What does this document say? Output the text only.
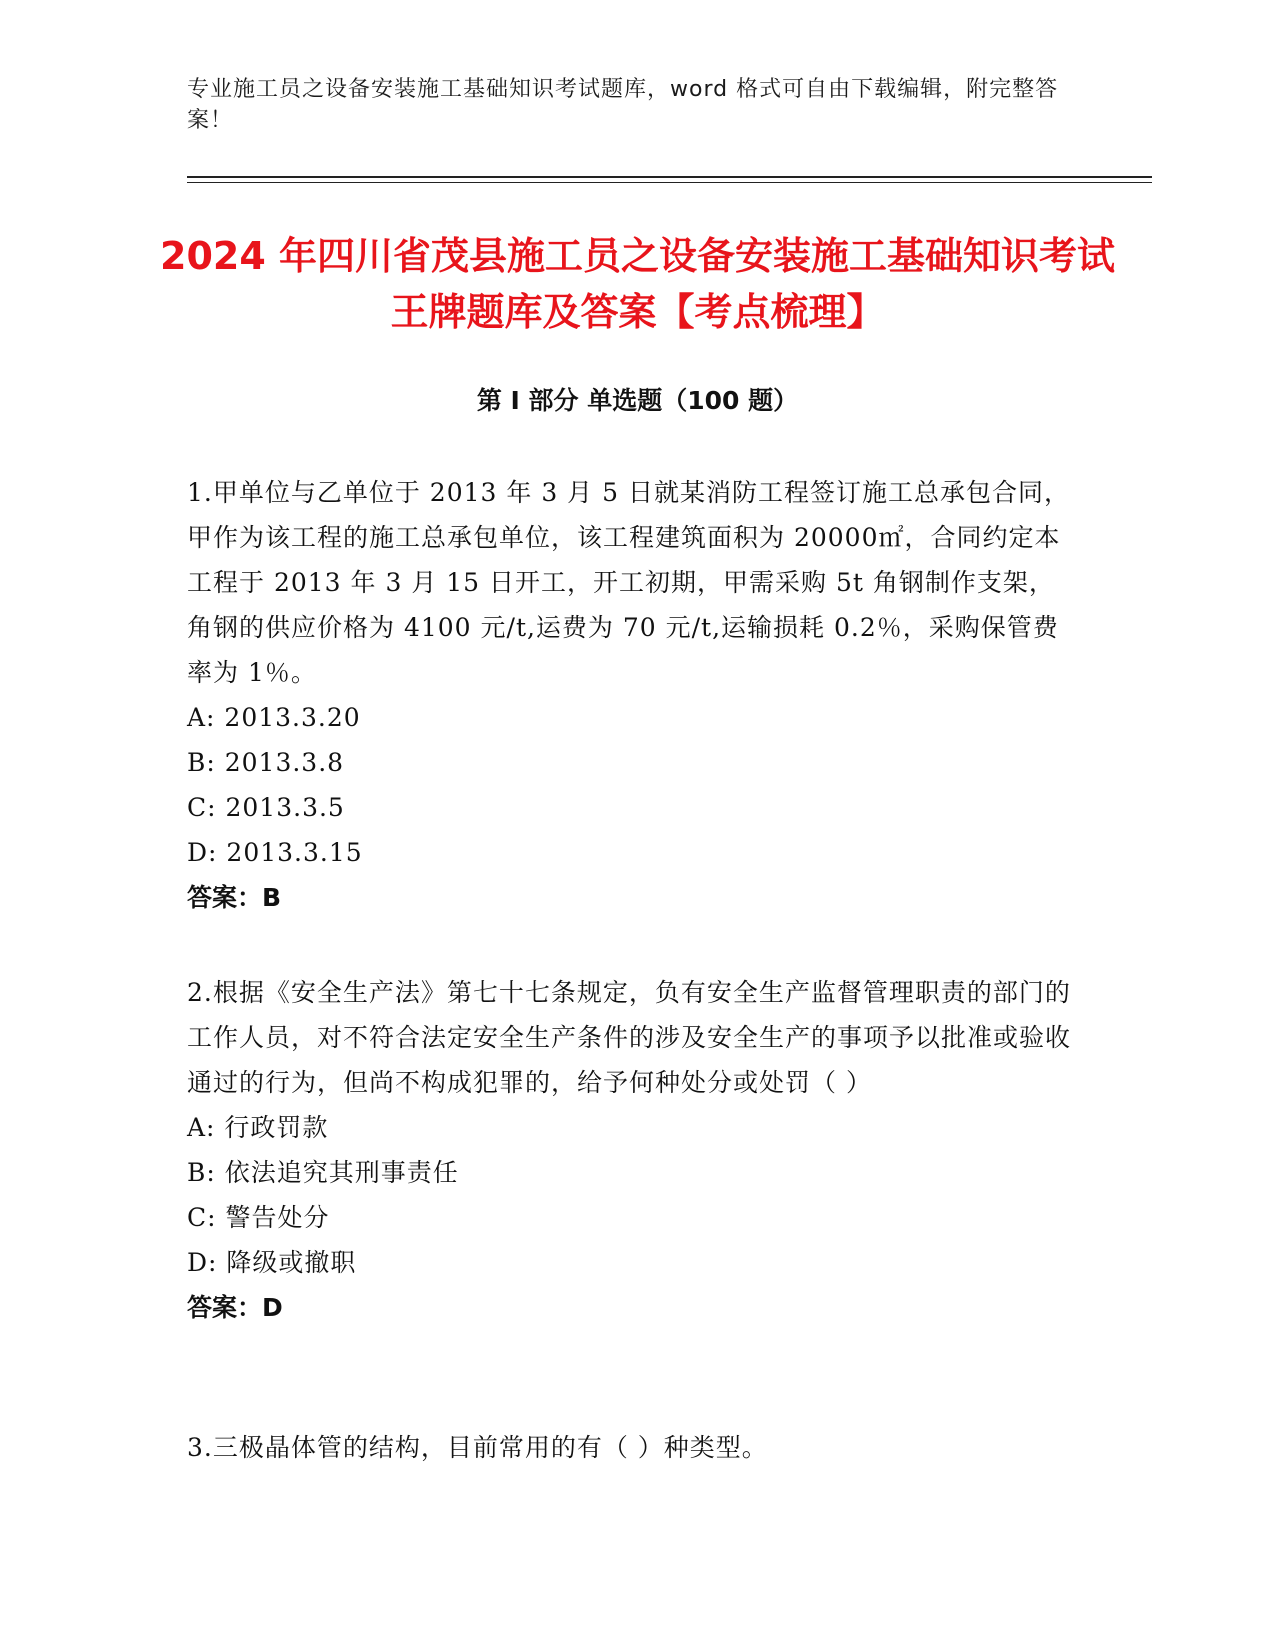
专业施工员之设备安装施工基础知识考试题库，word 格式可自由下载编辑，附完整答案！
2024 年四川省茂县施工员之设备安装施工基础知识考试王牌题库及答案【考点梳理】
第 I 部分 单选题（100 题）
1.甲单位与乙单位于 2013 年 3 月 5 日就某消防工程签订施工总承包合同，甲作为该工程的施工总承包单位，该工程建筑面积为 20000㎡，合同约定本工程于 2013 年 3 月 15 日开工，开工初期，甲需采购 5t 角钢制作支架，角钢的供应价格为 4100 元/t,运费为 70 元/t,运输损耗 0.2％，采购保管费率为 1％。
A: 2013.3.20
B: 2013.3.8
C: 2013.3.5
D: 2013.3.15
答案：B
2.根据《安全生产法》第七十七条规定，负有安全生产监督管理职责的部门的工作人员，对不符合法定安全生产条件的涉及安全生产的事项予以批准或验收通过的行为，但尚不构成犯罪的，给予何种处分或处罚（ ）
A: 行政罚款
B: 依法追究其刑事责任
C: 警告处分
D: 降级或撤职
答案：D
3.三极晶体管的结构，目前常用的有（ ）种类型。
